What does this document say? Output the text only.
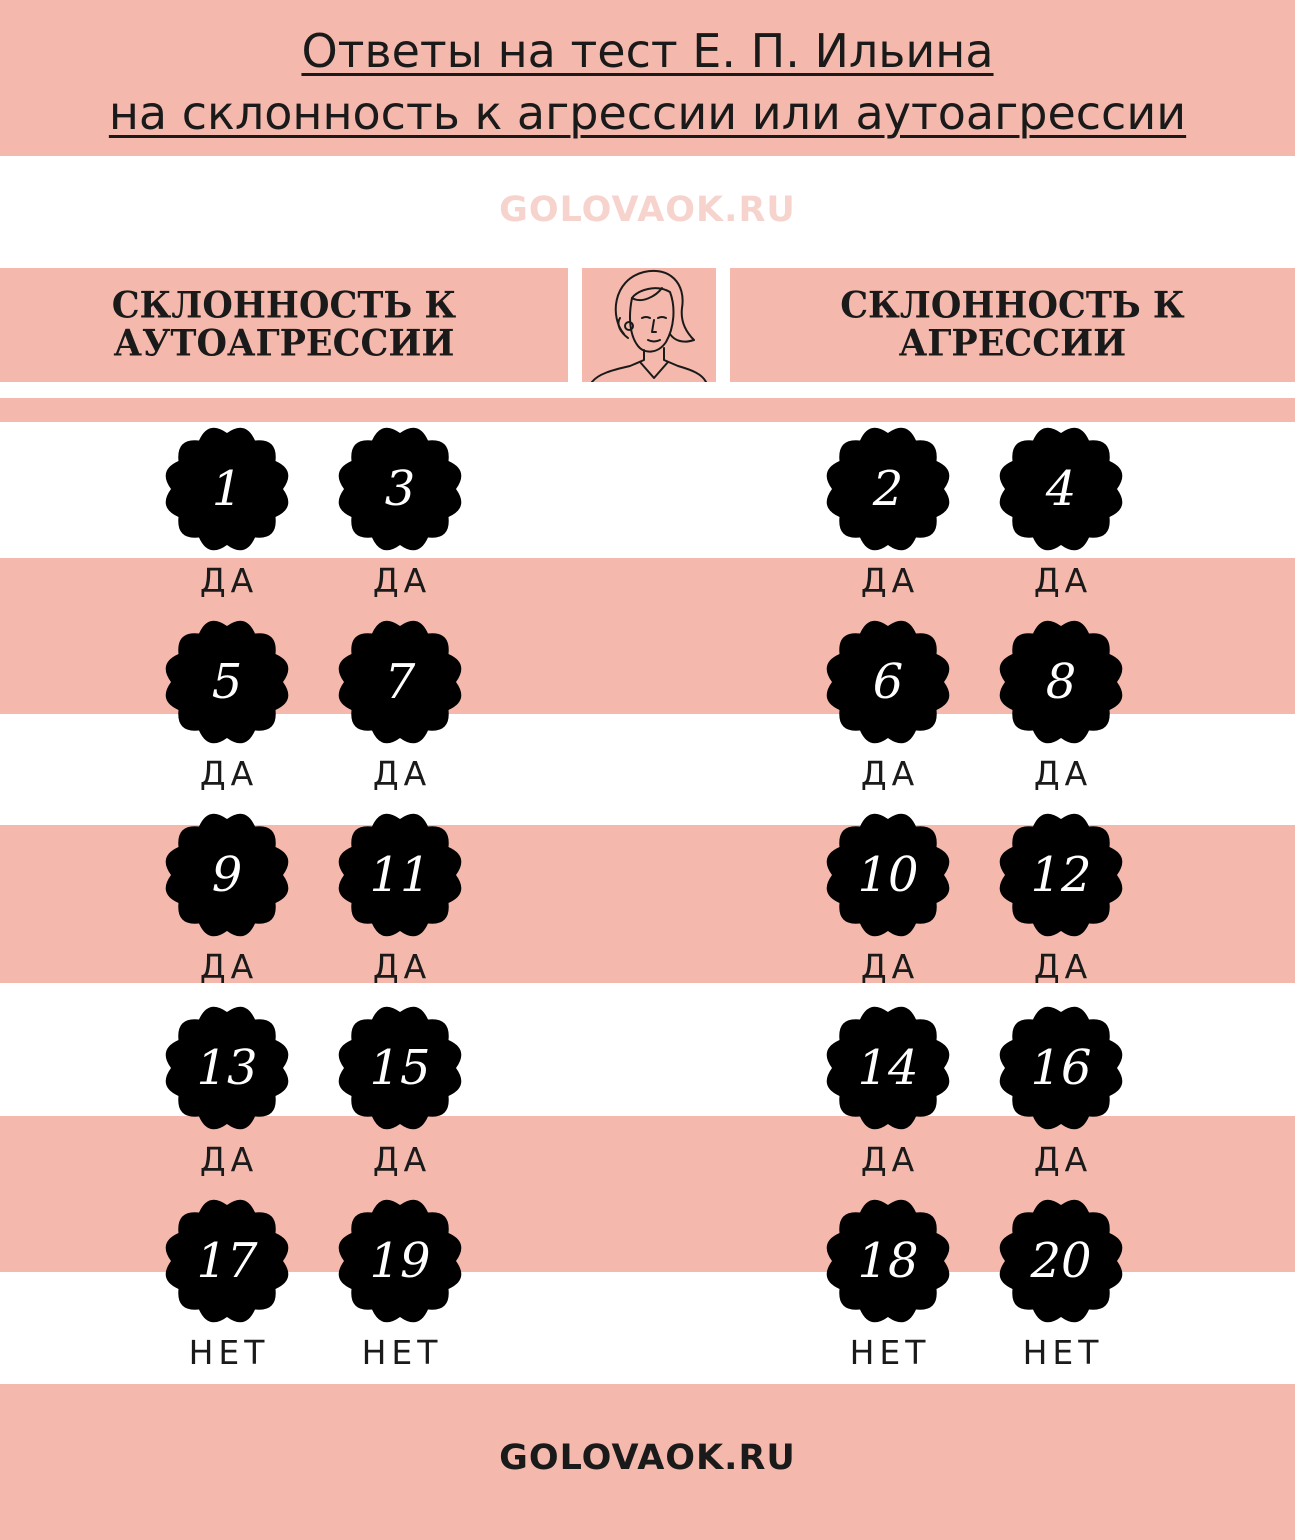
Ответы на тест Е. П. Ильина
на склонность к агрессии или аутоагрессии
GOLOVAOK.RU
СКЛОННОСТЬ К
АУТОАГРЕССИИ
СКЛОННОСТЬ К
АГРЕССИИ
1
ДА
3
ДА
5
ДА
7
ДА
9
ДА
11
ДА
13
ДА
15
ДА
17
НЕТ
19
НЕТ
2
ДА
4
ДА
6
ДА
8
ДА
10
ДА
12
ДА
14
ДА
16
ДА
18
НЕТ
20
НЕТ
GOLOVAOK.RU
